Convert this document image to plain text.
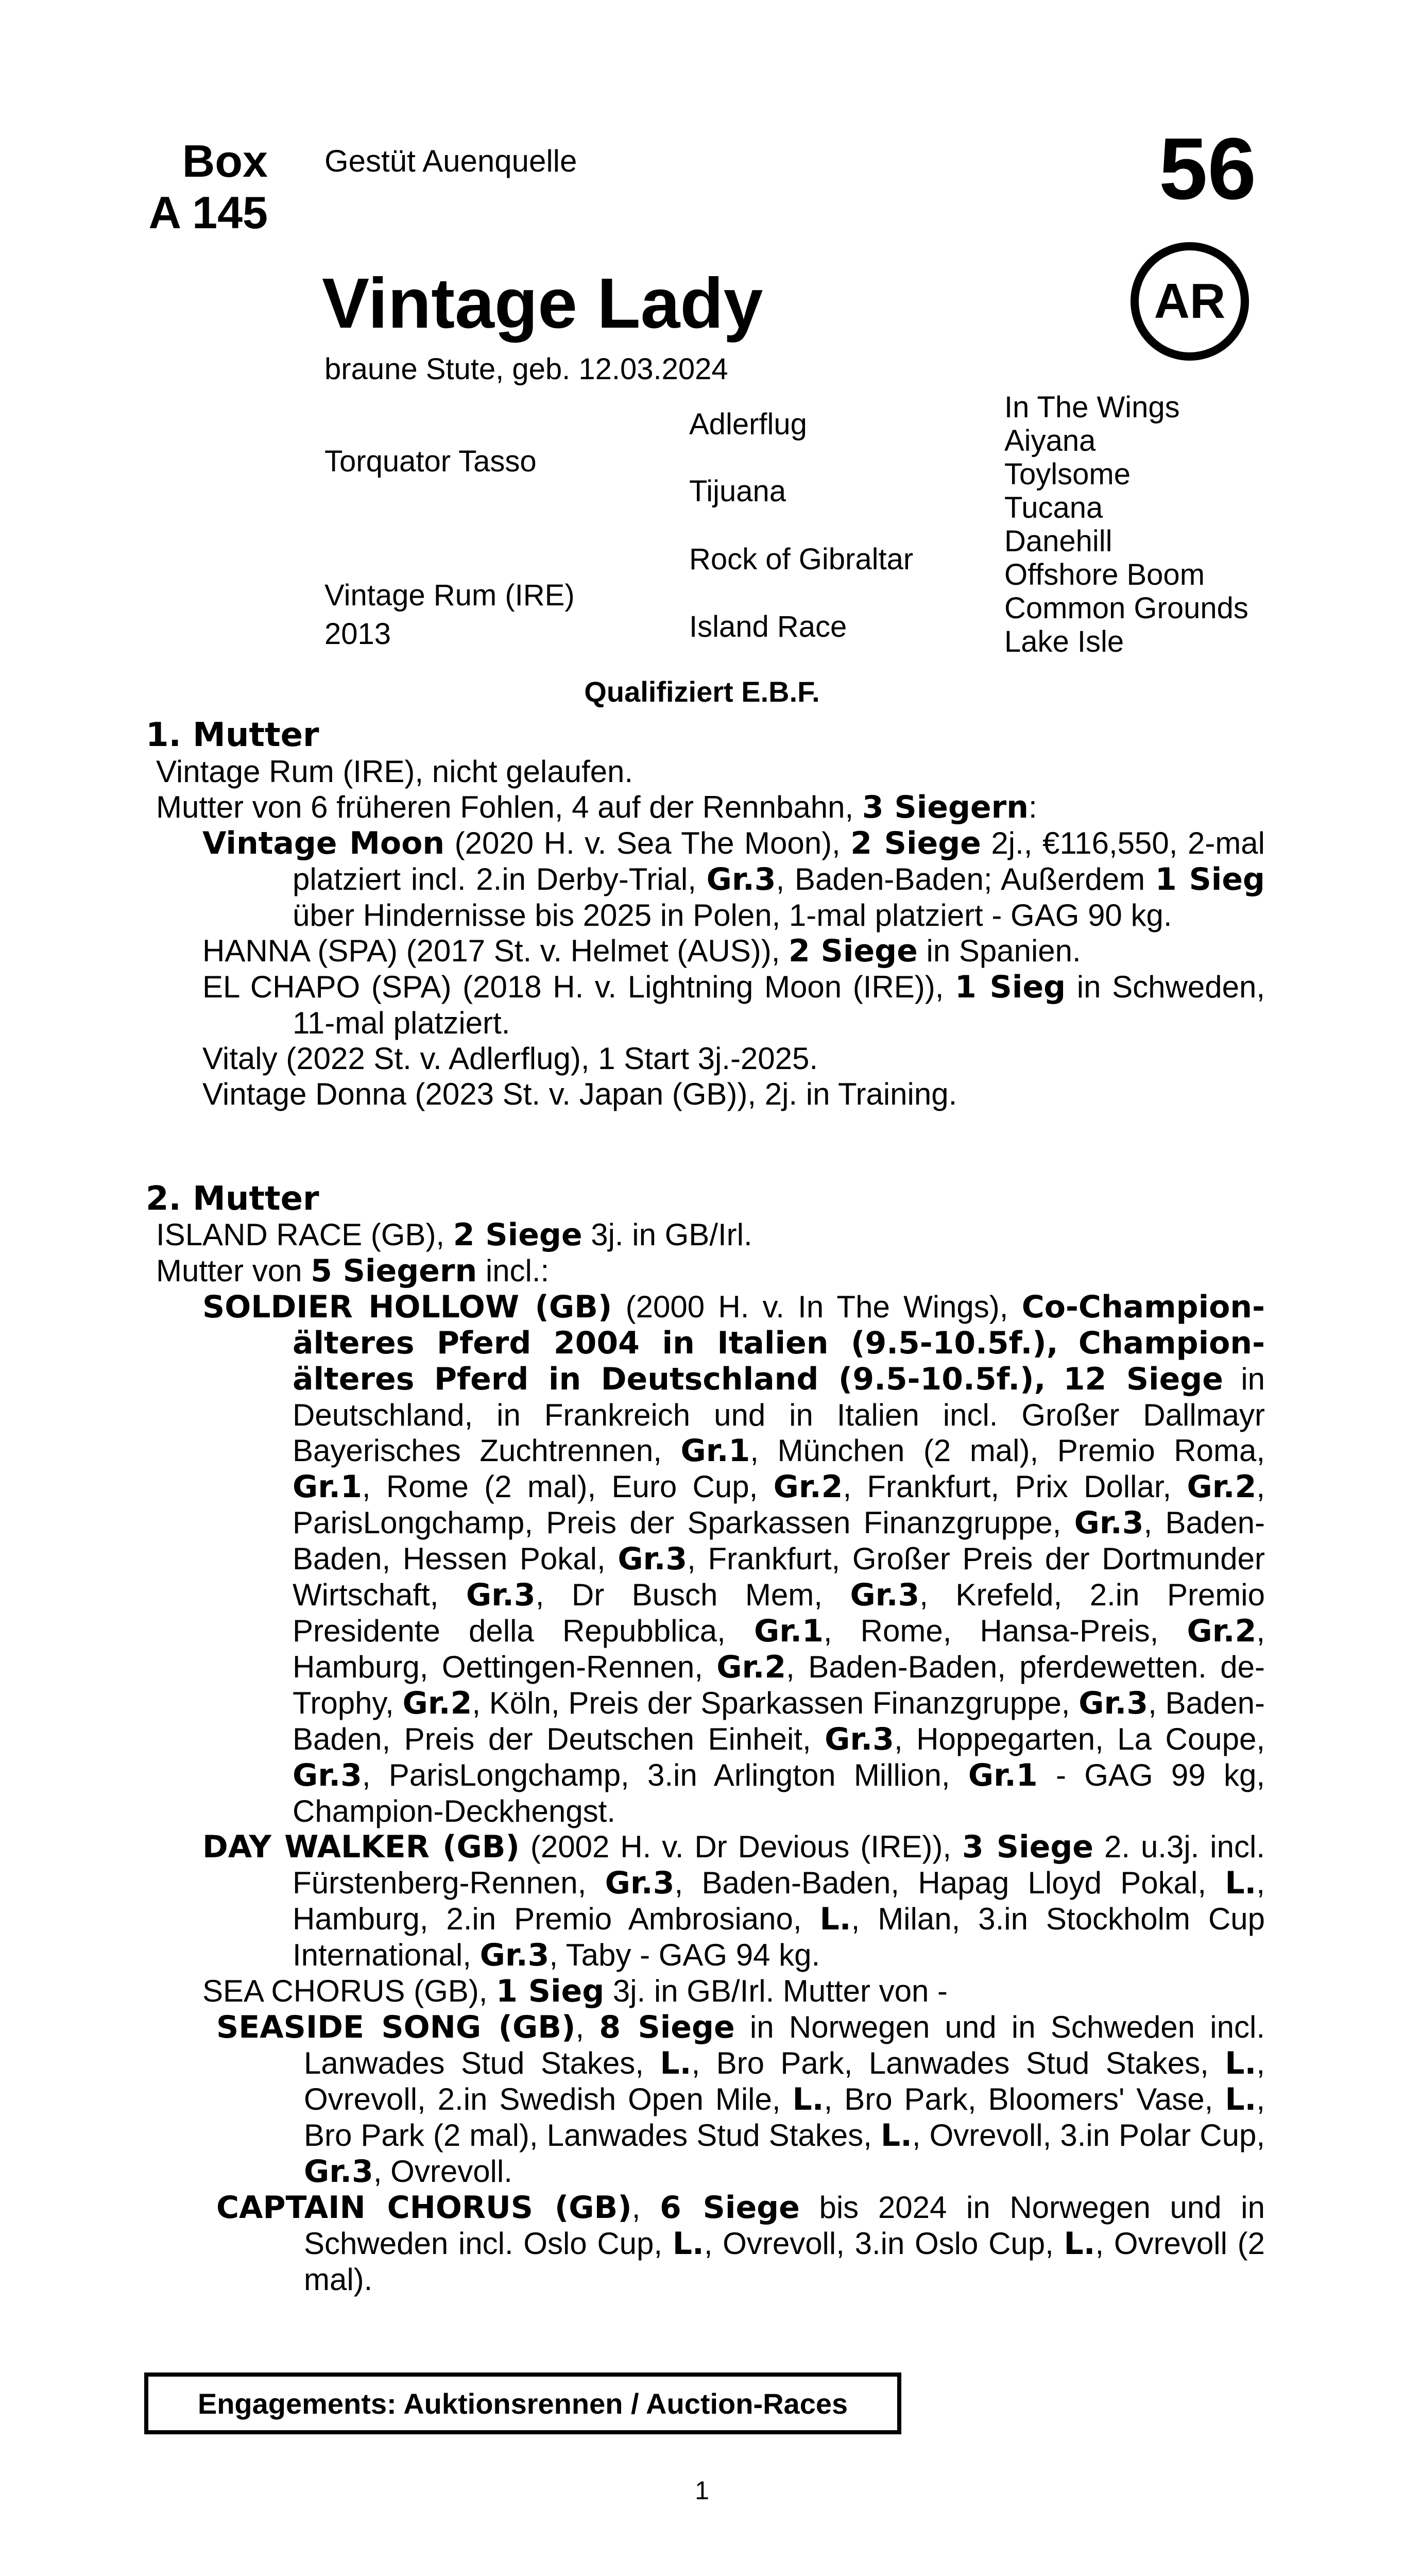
Box
A 145
Gestüt Auenquelle	56
Vintage Lady
braune Stute, geb. 12.03.2024
AR
Torquator Tasso
Vintage Rum (IRE)
2013
Adlerflug
Tijuana
Rock of Gibraltar
Island Race
In The Wings
Aiyana
Toylsome
Tucana
Danehill
Offshore Boom
Common Grounds
Lake Isle
Qualifiziert E.B.F.
1. Mutter
Vintage Rum (IRE), nicht gelaufen.
Mutter von 6 früheren Fohlen, 4 auf der Rennbahn, 3 Siegern:
Vintage Moon (2020 H. v. Sea The Moon), 2 Siege 2j., €116,550, 2-mal platziert incl. 2.in Derby-Trial, Gr.3, Baden-Baden; Außerdem 1 Sieg über Hindernisse bis 2025 in Polen, 1-mal platziert - GAG 90 kg.
HANNA (SPA) (2017 St. v. Helmet (AUS)), 2 Siege in Spanien.
EL CHAPO (SPA) (2018 H. v. Lightning Moon (IRE)), 1 Sieg in Schweden, 11-mal platziert.
Vitaly (2022 St. v. Adlerflug), 1 Start 3j.-2025.
Vintage Donna (2023 St. v. Japan (GB)), 2j. in Training.
2. Mutter
ISLAND RACE (GB), 2 Siege 3j. in GB/Irl.
Mutter von 5 Siegern incl.:
SOLDIER HOLLOW (GB) (2000 H. v. In The Wings), Co-Champion-älteres Pferd 2004 in Italien (9.5-10.5f.), Champion-älteres Pferd in Deutschland (9.5-10.5f.), 12 Siege in Deutschland, in Frankreich und in Italien incl. Großer Dallmayr Bayerisches Zuchtrennen, Gr.1, München (2 mal), Premio Roma, Gr.1, Rome (2 mal), Euro Cup, Gr.2, Frankfurt, Prix Dollar, Gr.2, ParisLongchamp, Preis der Sparkassen Finanzgruppe, Gr.3, Baden-Baden, Hessen Pokal, Gr.3, Frankfurt, Großer Preis der Dortmunder Wirtschaft, Gr.3, Dr Busch Mem, Gr.3, Krefeld, 2.in Premio Presidente della Repubblica, Gr.1, Rome, Hansa-Preis, Gr.2, Hamburg, Oettingen-Rennen, Gr.2, Baden-Baden, pferdewetten. de-Trophy, Gr.2, Köln, Preis der Sparkassen Finanzgruppe, Gr.3, Baden-Baden, Preis der Deutschen Einheit, Gr.3, Hoppegarten, La Coupe, Gr.3, ParisLongchamp, 3.in Arlington Million, Gr.1 - GAG 99 kg, Champion-Deckhengst.
DAY WALKER (GB) (2002 H. v. Dr Devious (IRE)), 3 Siege 2. u.3j. incl. Fürstenberg-Rennen, Gr.3, Baden-Baden, Hapag Lloyd Pokal, L., Hamburg, 2.in Premio Ambrosiano, L., Milan, 3.in Stockholm Cup International, Gr.3, Taby - GAG 94 kg.
SEA CHORUS (GB), 1 Sieg 3j. in GB/Irl. Mutter von -
SEASIDE SONG (GB), 8 Siege in Norwegen und in Schweden incl. Lanwades Stud Stakes, L., Bro Park, Lanwades Stud Stakes, L., Ovrevoll, 2.in Swedish Open Mile, L., Bro Park, Bloomers' Vase, L., Bro Park (2 mal), Lanwades Stud Stakes, L., Ovrevoll, 3.in Polar Cup, Gr.3, Ovrevoll.
CAPTAIN CHORUS (GB), 6 Siege bis 2024 in Norwegen und in Schweden incl. Oslo Cup, L., Ovrevoll, 3.in Oslo Cup, L., Ovrevoll (2 mal).
Engagements: Auktionsrennen / Auction-Races
1
